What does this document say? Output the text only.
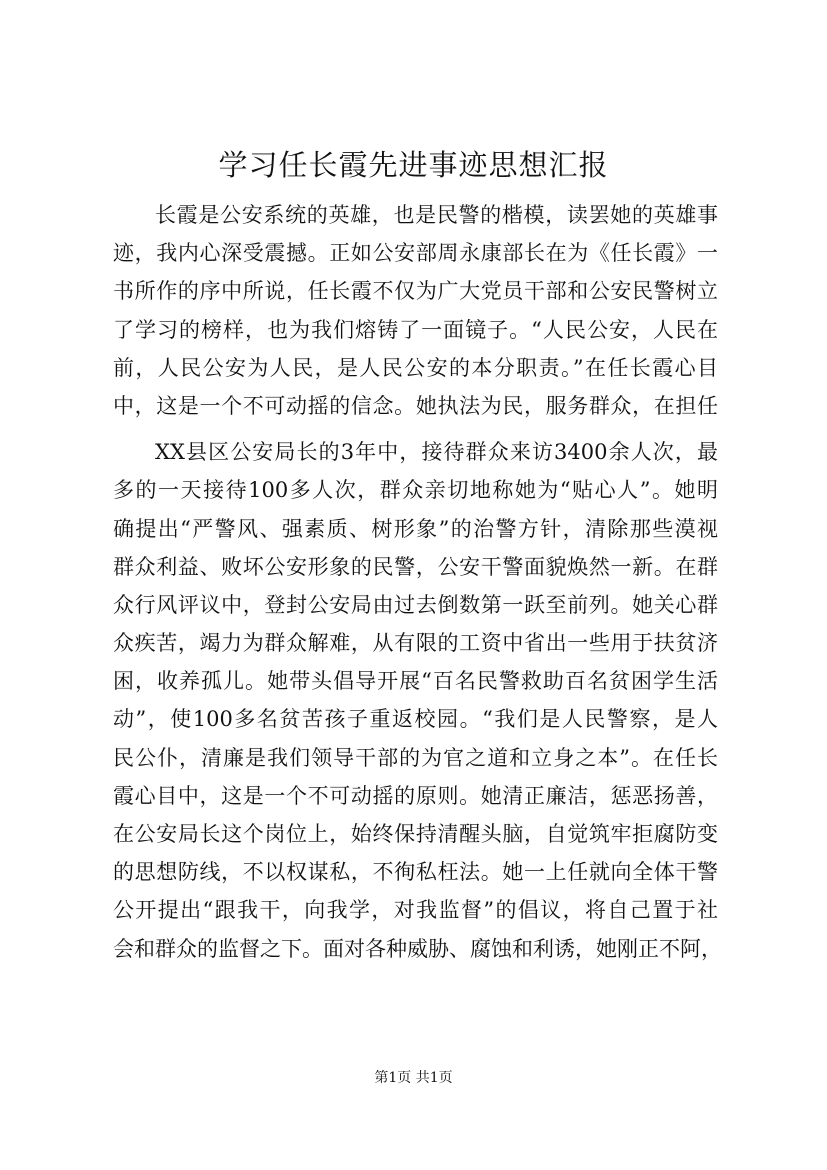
学习任长霞先进事迹思想汇报
长霞是公安系统的英雄，也是民警的楷模，读罢她的英雄事
迹，我内心深受震撼。正如公安部周永康部长在为《任长霞》一
书所作的序中所说，任长霞不仅为广大党员干部和公安民警树立
了学习的榜样，也为我们熔铸了一面镜子。“人民公安，人民在
前，人民公安为人民，是人民公安的本分职责。”在任长霞心目
中，这是一个不可动摇的信念。她执法为民，服务群众，在担任
XX县区公安局长的3年中，接待群众来访3400余人次，最
多的一天接待100多人次，群众亲切地称她为“贴心人”。她明
确提出“严警风、强素质、树形象”的治警方针，清除那些漠视
群众利益、败坏公安形象的民警，公安干警面貌焕然一新。在群
众行风评议中，登封公安局由过去倒数第一跃至前列。她关心群
众疾苦，竭力为群众解难，从有限的工资中省出一些用于扶贫济
困，收养孤儿。她带头倡导开展“百名民警救助百名贫困学生活
动”，使100多名贫苦孩子重返校园。“我们是人民警察，是人
民公仆，清廉是我们领导干部的为官之道和立身之本”。在任长
霞心目中，这是一个不可动摇的原则。她清正廉洁，惩恶扬善，
在公安局长这个岗位上，始终保持清醒头脑，自觉筑牢拒腐防变
的思想防线，不以权谋私，不徇私枉法。她一上任就向全体干警
公开提出“跟我干，向我学，对我监督”的倡议，将自己置于社
会和群众的监督之下。面对各种威胁、腐蚀和利诱，她刚正不阿，
第1页 共1页
